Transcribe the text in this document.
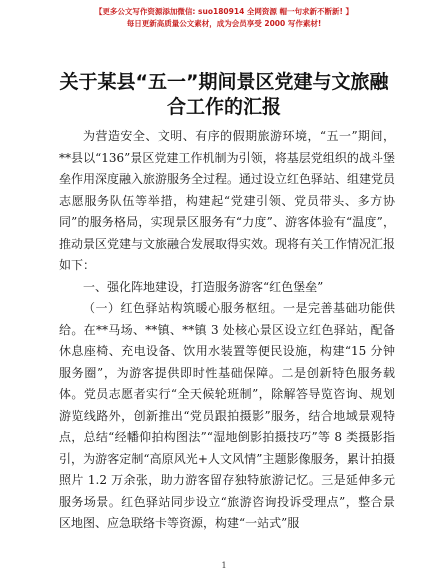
【更多公文写作资源添加微信: suo180914 全网资源 帽一句求新不断新! 】
每日更新高质量公文素材，成为会员享受 2000 写作素材!
关于某县“五一”期间景区党建与文旅融合工作的汇报

为营造安全、文明、有序的假期旅游环境，“五一”期间，**县以“136”景区党建工作机制为引领，将基层党组织的战斗堡垒作用深度融入旅游服务全过程。通过设立红色驿站、组建党员志愿服务队伍等举措，构建起“党建引领、党员带头、多方协同”的服务格局，实现景区服务有“力度”、游客体验有“温度”，推动景区党建与文旅融合发展取得实效。现将有关工作情况汇报如下：

一、强化阵地建设，打造服务游客“红色堡垒”

（一）红色驿站构筑暖心服务枢纽。一是完善基础功能供给。在**马场、**镇、**镇 3 处核心景区设立红色驿站，配备休息座椅、充电设备、饮用水装置等便民设施，构建“15 分钟服务圈”，为游客提供即时性基础保障。二是创新特色服务载体。党员志愿者实行“全天候轮班制”，除解答导览咨询、规划游览线路外，创新推出“党员跟拍摄影”服务，结合地域景观特点，总结“经幡仰拍构图法”“湿地倒影拍摄技巧”等 8 类摄影指引，为游客定制“高原风光+人文风情”主题影像服务，累计拍摄照片 1.2 万余张，助力游客留存独特旅游记忆。三是延伸多元服务场景。红色驿站同步设立“旅游咨询投诉受理点”，整合景区地图、应急联络卡等资源，构建“一站式”服

1
